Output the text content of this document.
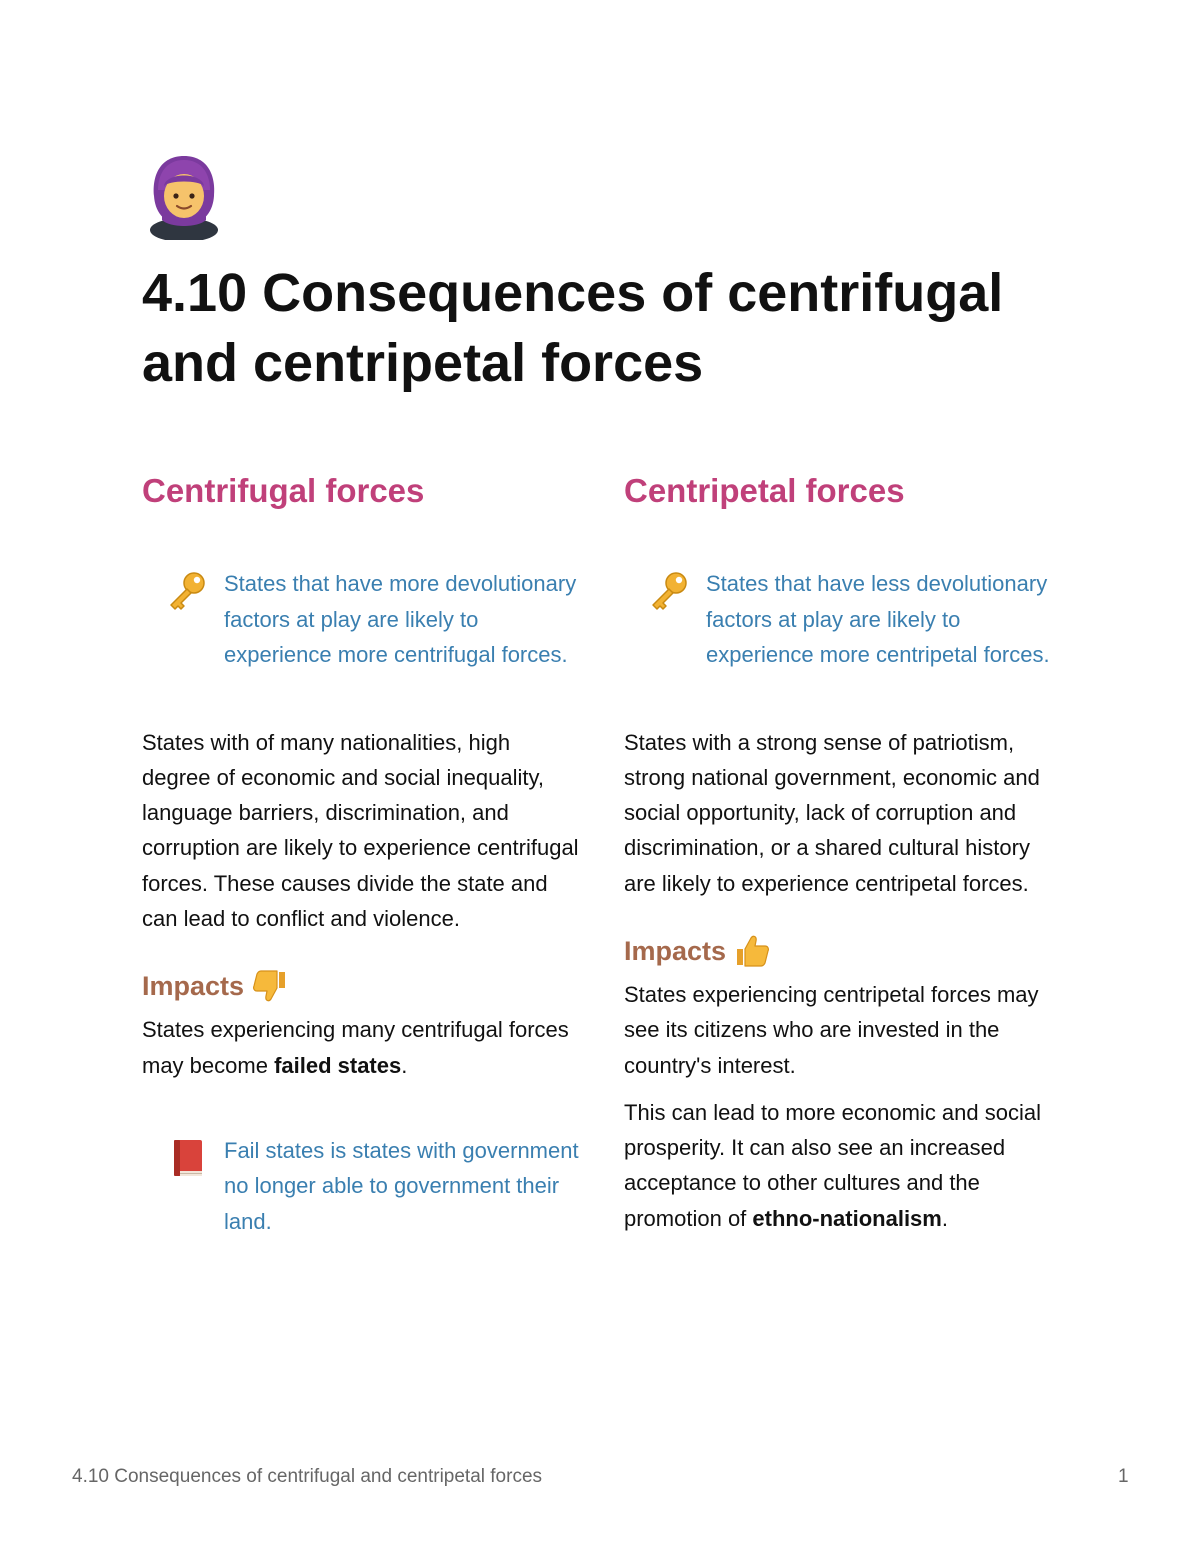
4.10 Consequences of centrifugal and centripetal forces
Centrifugal forces
States that have more devolutionary factors at play are likely to experience more centrifugal forces.

States with of many nationalities, high degree of economic and social inequality, language barriers, discrimination, and corruption are likely to experience centrifugal forces. These causes divide the state and can lead to conflict and violence.

Impacts

States experiencing many centrifugal forces may become failed states.

Fail states is states with government no longer able to government their land.
Centripetal forces
States that have less devolutionary factors at play are likely to experience more centripetal forces.

States with a strong sense of patriotism, strong national government, economic and social opportunity, lack of corruption and discrimination, or a shared cultural history are likely to experience centripetal forces.

Impacts

States experiencing centripetal forces may see its citizens who are invested in the country's interest.

This can lead to more economic and social prosperity. It can also see an increased acceptance to other cultures and the promotion of ethno-nationalism.

4.10 Consequences of centrifugal and centripetal forces	1
